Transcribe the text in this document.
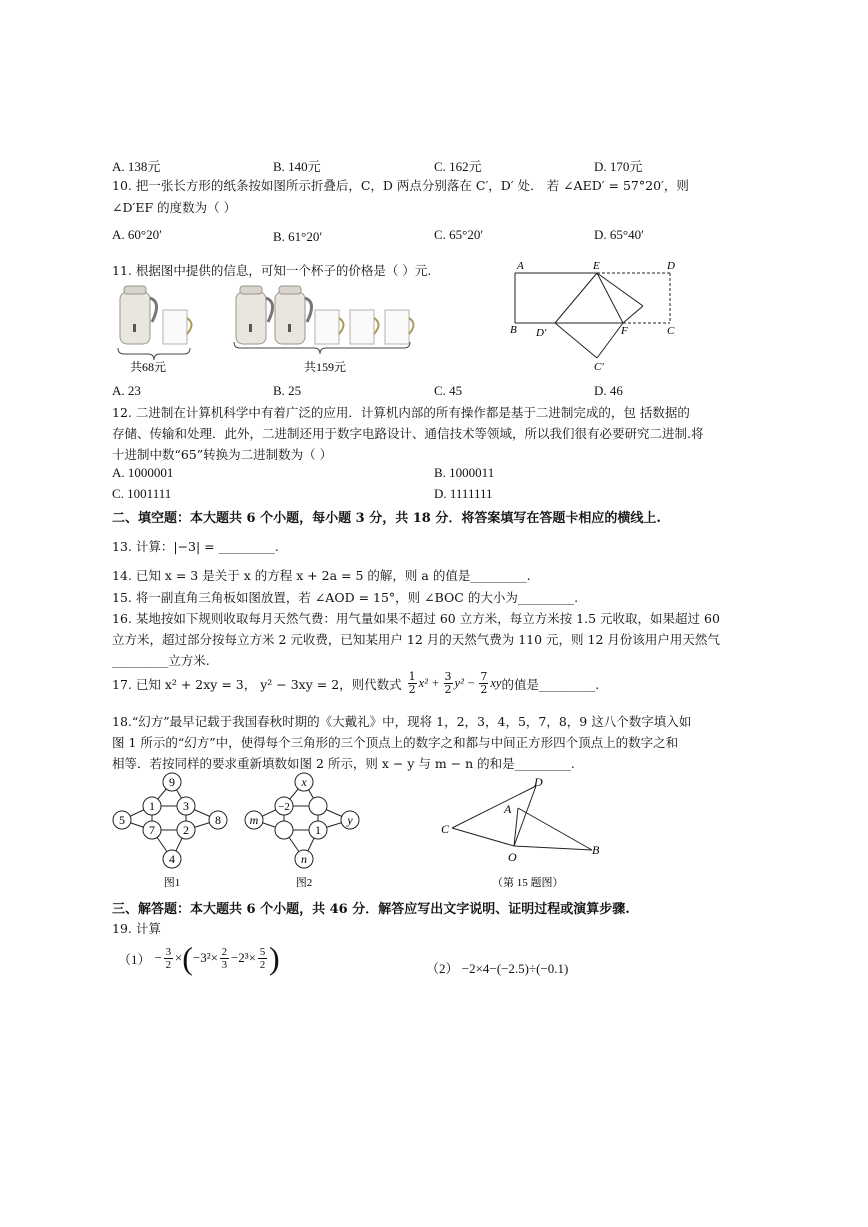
A. 138元	B. 140元	C. 162元	D. 170元
10. 把一张长方形的纸条按如图所示折叠后，C，D 两点分别落在 C′，D′ 处． 若 ∠AED′ = 57°20′，则
∠D′EF 的度数为（ ）
A. 60°20′	B. 61°20′	C. 65°20′	D. 65°40′
11. 根据图中提供的信息，可知一个杯子的价格是（ ）元.
共68元	共159元
A	E	D
B D′	F	C
C′
A. 23	B. 25	C. 45	D. 46
12. 二进制在计算机科学中有着广泛的应用．计算机内部的所有操作都是基于二进制完成的，包 括数据的
存储、传输和处理．此外，二进制还用于数字电路设计、通信技术等领域，所以我们很有必要研究二进制.将
十进制中数“65”转换为二进制数为（ ）
A. 1000001	B. 1000011
C. 1001111	D. 1111111
二、填空题：本大题共 6 个小题，每小题 3 分，共 18 分．将答案填写在答题卡相应的横线上.
13. 计算：|−3| = _________.
14. 已知 x = 3 是关于 x 的方程 x + 2a = 5 的解，则 a 的值是_________.
15. 将一副直角三角板如图放置，若 ∠AOD = 15°，则 ∠BOC 的大小为_________.
16. 某地按如下规则收取每月天然气费：用气量如果不超过 60 立方米，每立方米按 1.5 元收取，如果超过 60
立方米，超过部分按每立方米 2 元收费，已知某用户 12 月的天然气费为 110 元，则 12 月份该用户用天然气
_________立方米.
17. 已知 x² + 2xy = 3， y² − 3xy = 2，则代数式 1
2 x² + 3
2 y² − 7
2 xy 的值是_________.
18.“幻方”最早记载于我国春秋时期的《大戴礼》中，现将 1，2，3，4，5，7，8，9 这八个数字填入如
图 1 所示的“幻方”中，使得每个三角形的三个顶点上的数字之和都与中间正方形四个顶点上的数字之和
相等．若按同样的要求重新填数如图 2 所示，则 x − y 与 m − n 的和是_________.
9
1 3
5	8
7 2
4
图1
x
−2
m	y
1
n
图2
D
A
C
O	B
（第 15 题图）
三、解答题：本大题共 6 个小题，共 46 分．解答应写出文字说明、证明过程或演算步骤.
19. 计算
（1） − 3
2 × ( −3²× 2
3 −2³× 5
2 )	（2） −2×4−(−2.5)÷(−0.1)
